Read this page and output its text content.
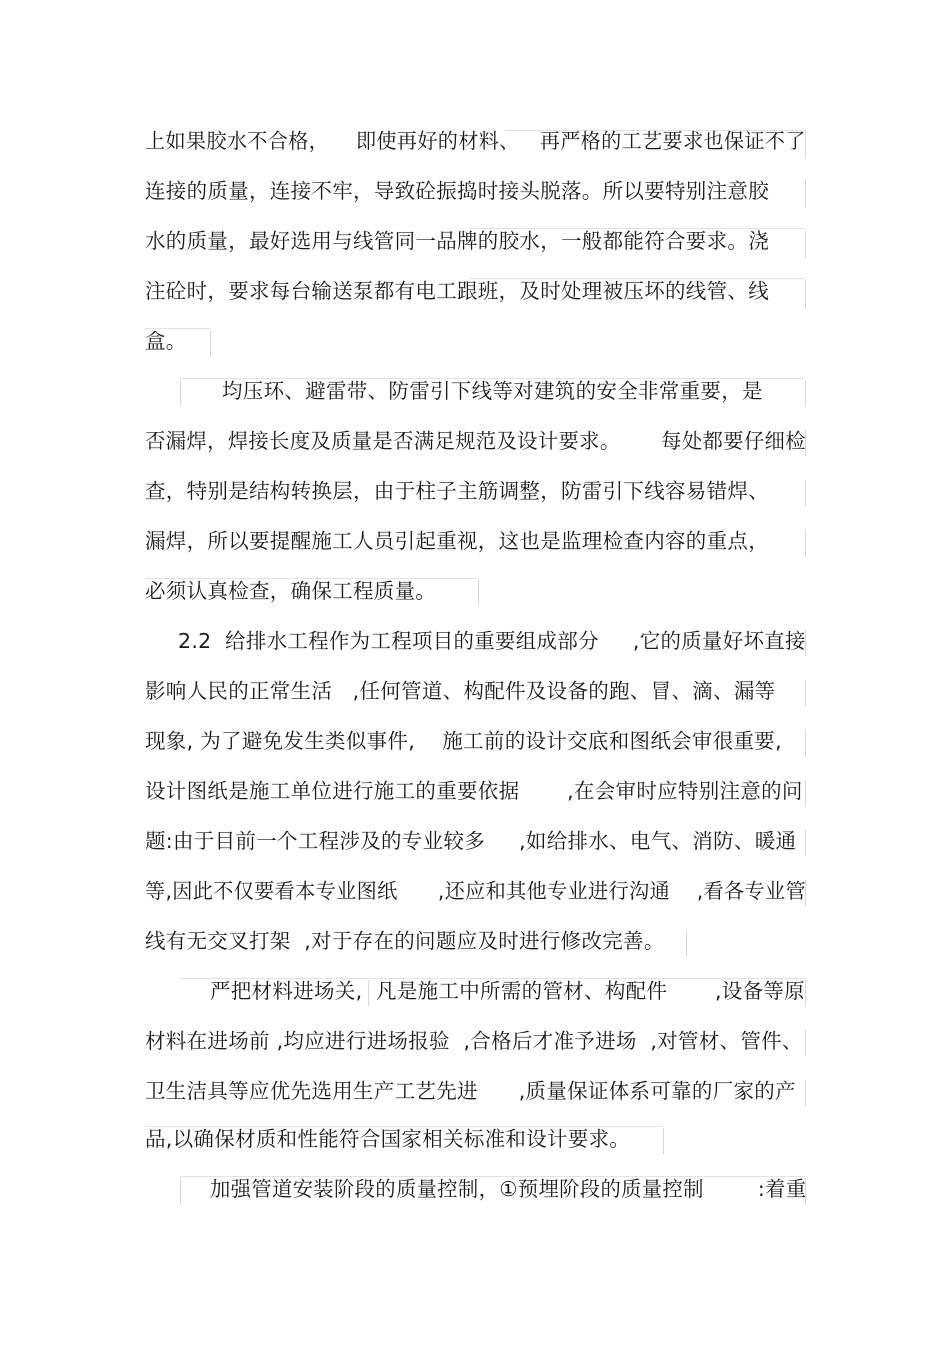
上如果胶水不合格，    即使再好的材料、   再严格的工艺要求也保证不了
连接的质量，连接不牢，导致砼振捣时接头脱落。所以要特别注意胶
水的质量，最好选用与线管同一品牌的胶水，一般都能符合要求。浇
注砼时，要求每台输送泵都有电工跟班，及时处理被压坏的线管、线
盒。
均压环、避雷带、防雷引下线等对建筑的安全非常重要，是
否漏焊，焊接长度及质量是否满足规范及设计要求。      每处都要仔细检
查，特别是结构转换层，由于柱子主筋调整，防雷引下线容易错焊、
漏焊，所以要提醒施工人员引起重视，这也是监理检查内容的重点，
必须认真检查，确保工程质量。
2.2  给排水工程作为工程项目的重要组成部分     ,它的质量好坏直接
影响人民的正常生活   ,任何管道、构配件及设备的跑、冒、滴、漏等
现象, 为了避免发生类似事件,    施工前的设计交底和图纸会审很重要,
设计图纸是施工单位进行施工的重要依据       ,在会审时应特别注意的问
题:由于目前一个工程涉及的专业较多     ,如给排水、电气、消防、暖通
等,因此不仅要看本专业图纸      ,还应和其他专业进行沟通    ,看各专业管
线有无交叉打架  ,对于存在的问题应及时进行修改完善。
严把材料进场关,  凡是施工中所需的管材、构配件       ,设备等原
材料在进场前 ,均应进行进场报验  ,合格后才准予进场  ,对管材、管件、
卫生洁具等应优先选用生产工艺先进      ,质量保证体系可靠的厂家的产
品,以确保材质和性能符合国家相关标准和设计要求。
加强管道安装阶段的质量控制，①预埋阶段的质量控制        :着重
